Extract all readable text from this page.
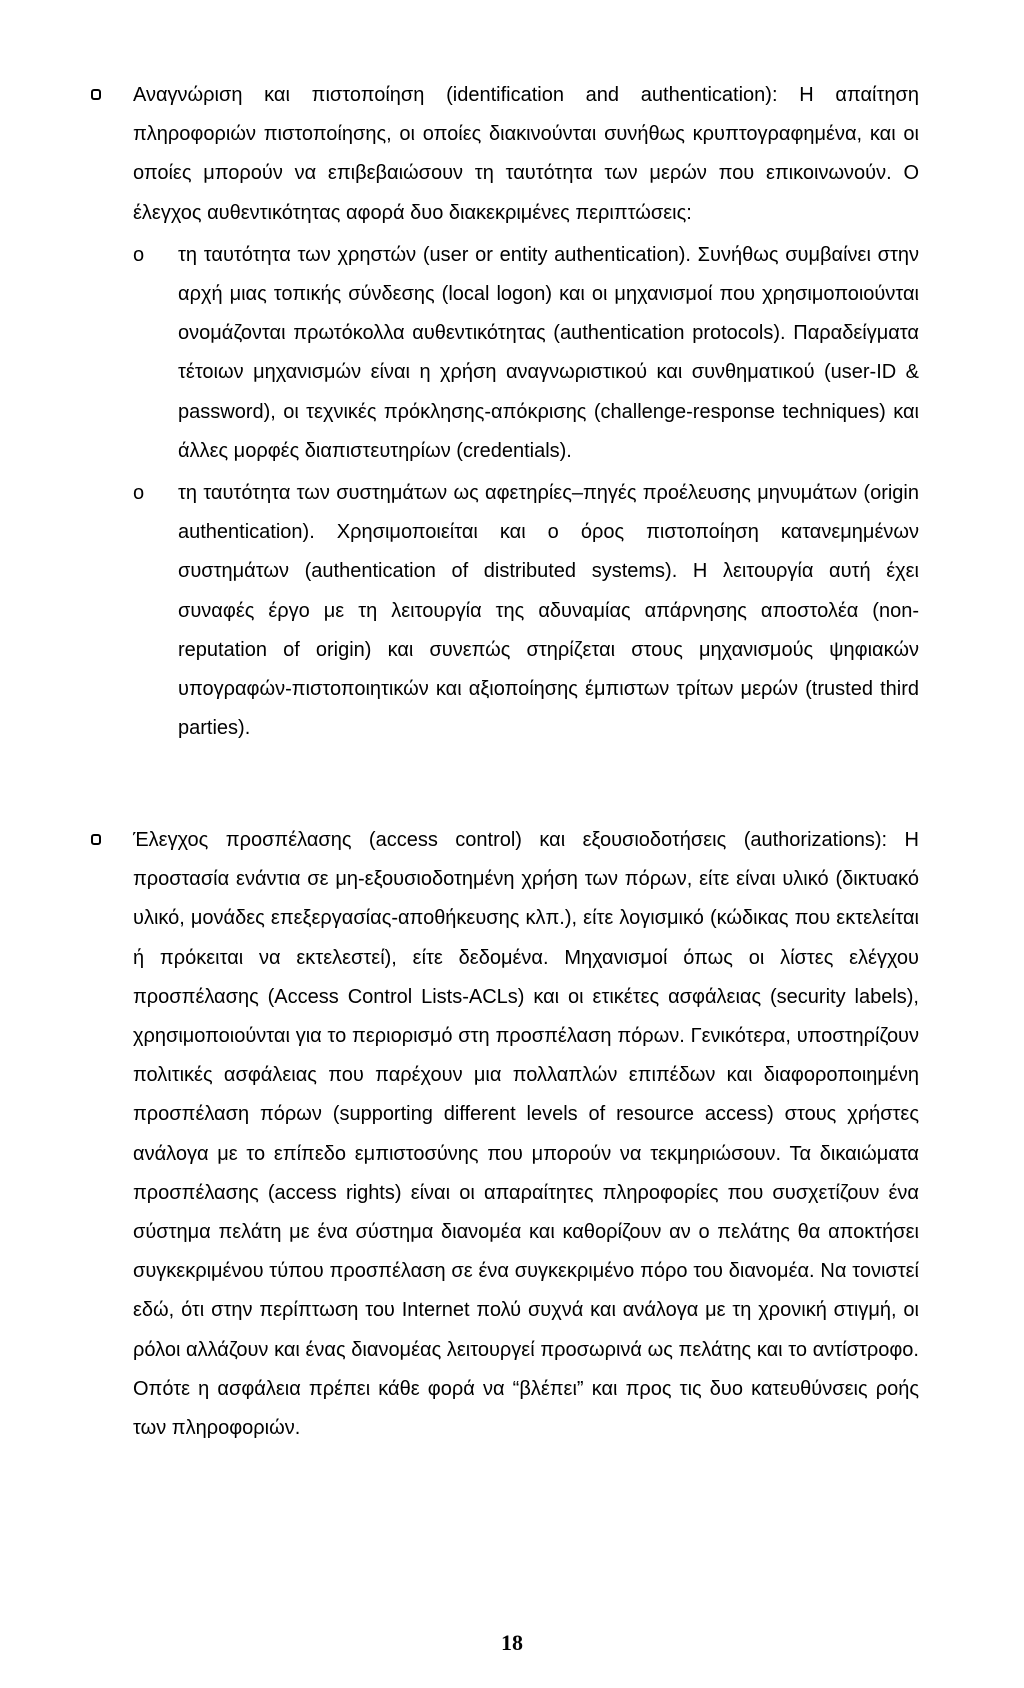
Αναγνώριση και πιστοποίηση (identification and authentication): Η απαίτηση πληροφοριών πιστοποίησης, οι οποίες διακινούνται συνήθως κρυπτογραφημένα, και οι οποίες μπορούν να επιβεβαιώσουν τη ταυτότητα των μερών που επικοινωνούν. Ο έλεγχος αυθεντικότητας αφορά δυο διακεκριμένες περιπτώσεις:
o	τη ταυτότητα των χρηστών (user or entity authentication). Συνήθως συμβαίνει στην αρχή μιας τοπικής σύνδεσης (local logon) και οι μηχανισμοί που χρησιμοποιούνται ονομάζονται πρωτόκολλα αυθεντικότητας (authentication protocols). Παραδείγματα τέτοιων μηχανισμών είναι η χρήση αναγνωριστικού και συνθηματικού (user-ID & password), οι τεχνικές πρόκλησης-απόκρισης (challenge-response techniques) και άλλες μορφές διαπιστευτηρίων (credentials).
o	τη ταυτότητα των συστημάτων ως αφετηρίες–πηγές προέλευσης μηνυμάτων (origin authentication). Χρησιμοποιείται και ο όρος πιστοποίηση κατανεμημένων συστημάτων (authentication of distributed systems). Η λειτουργία αυτή έχει συναφές έργο με τη λειτουργία της αδυναμίας απάρνησης αποστολέα (non-reputation of origin) και συνεπώς στηρίζεται στους μηχανισμούς ψηφιακών υπογραφών-πιστοποιητικών και αξιοποίησης έμπιστων τρίτων μερών (trusted third parties).
Έλεγχος προσπέλασης (access control) και εξουσιοδοτήσεις (authorizations): Η προστασία ενάντια σε μη-εξουσιοδοτημένη χρήση των πόρων, είτε είναι υλικό (δικτυακό υλικό, μονάδες επεξεργασίας-αποθήκευσης κλπ.), είτε λογισμικό (κώδικας που εκτελείται ή πρόκειται να εκτελεστεί), είτε δεδομένα. Μηχανισμοί όπως οι λίστες ελέγχου προσπέλασης (Access Control Lists-ACLs) και οι ετικέτες ασφάλειας (security labels), χρησιμοποιούνται για το περιορισμό στη προσπέλαση πόρων. Γενικότερα, υποστηρίζουν πολιτικές ασφάλειας που παρέχουν μια πολλαπλών επιπέδων και διαφοροποιημένη προσπέλαση πόρων (supporting different levels of resource access) στους χρήστες ανάλογα με το επίπεδο εμπιστοσύνης που μπορούν να τεκμηριώσουν. Τα δικαιώματα προσπέλασης (access rights) είναι οι απαραίτητες πληροφορίες που συσχετίζουν ένα σύστημα πελάτη με ένα σύστημα διανομέα και καθορίζουν αν ο πελάτης θα αποκτήσει συγκεκριμένου τύπου προσπέλαση σε ένα συγκεκριμένο πόρο του διανομέα. Να τονιστεί εδώ, ότι στην περίπτωση του Internet πολύ συχνά και ανάλογα με τη χρονική στιγμή, οι ρόλοι αλλάζουν και ένας διανομέας λειτουργεί προσωρινά ως πελάτης και το αντίστροφο. Οπότε η ασφάλεια πρέπει κάθε φορά να “βλέπει” και προς τις δυο κατευθύνσεις ροής των πληροφοριών.
18
